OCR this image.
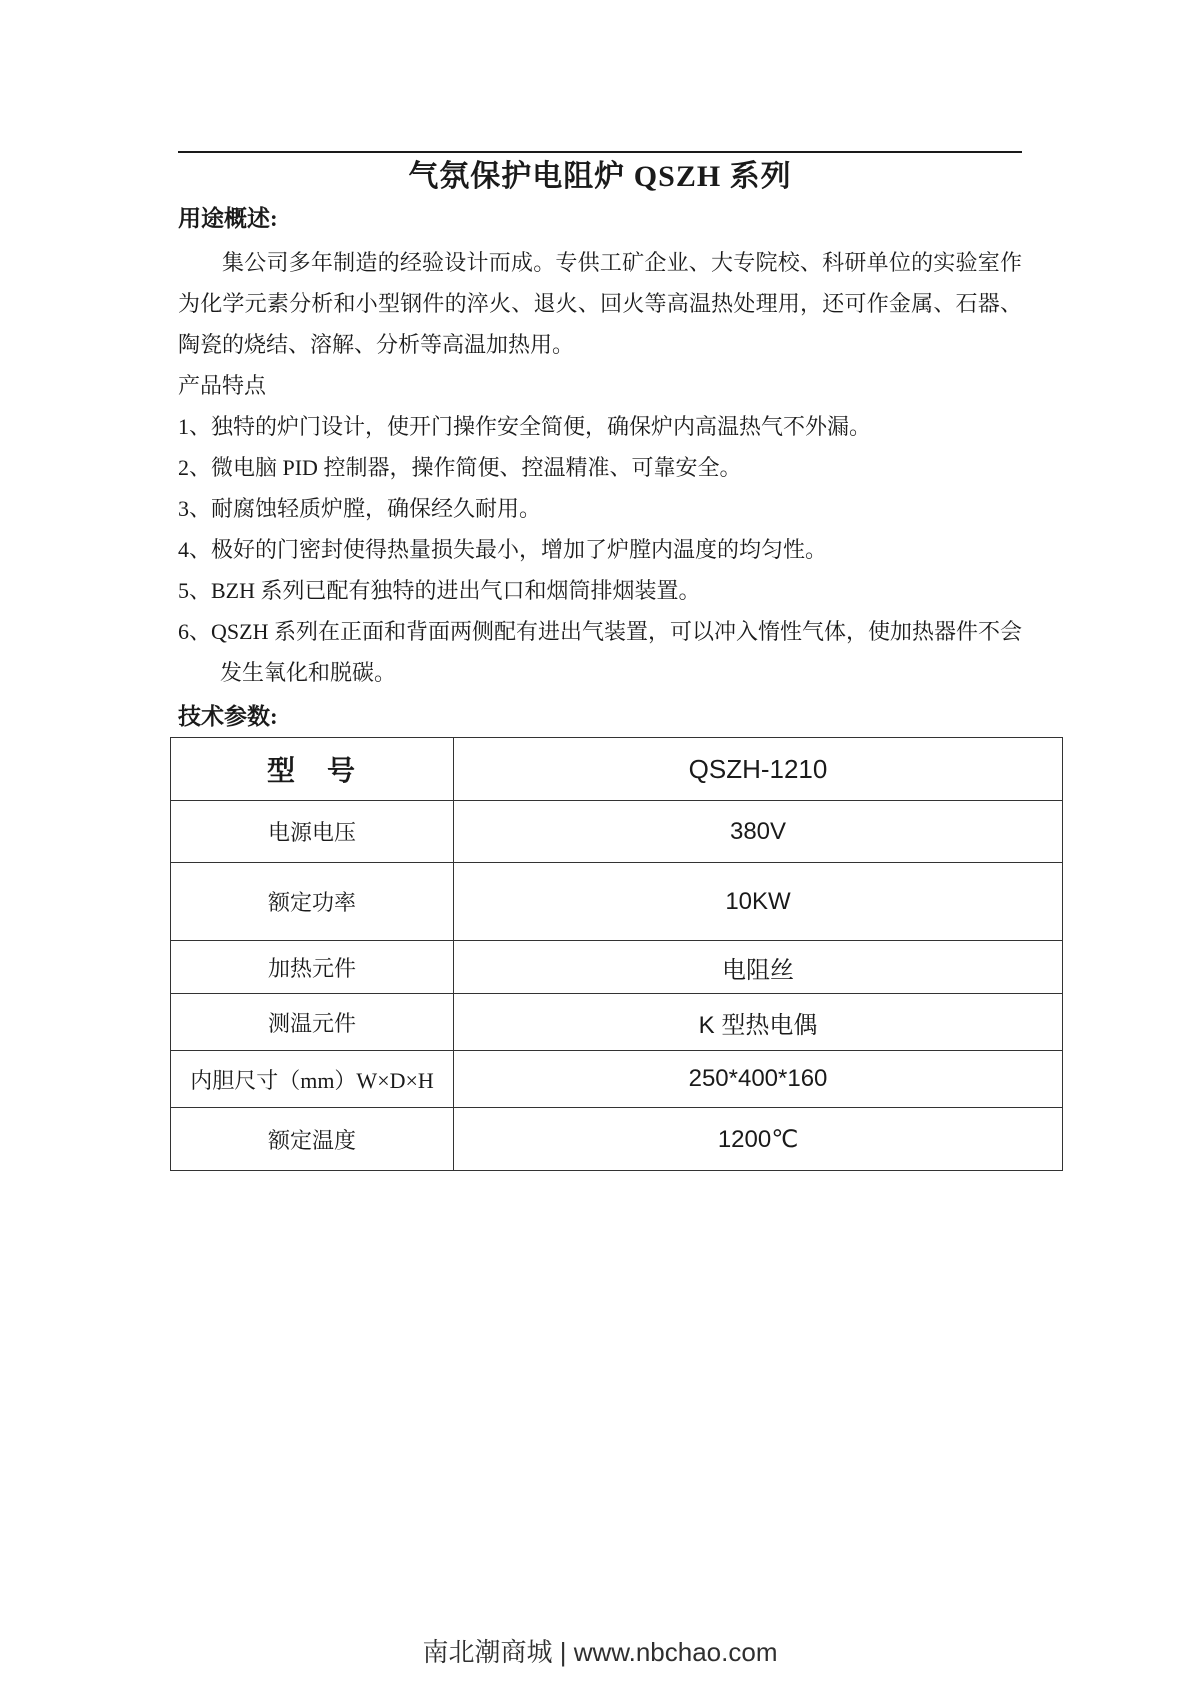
气氛保护电阻炉 QSZH 系列
用途概述:

集公司多年制造的经验设计而成。专供工矿企业、大专院校、科研单位的实验室作为化学元素分析和小型钢件的淬火、退火、回火等高温热处理用，还可作金属、石器、陶瓷的烧结、溶解、分析等高温加热用。

产品特点
1、独特的炉门设计，使开门操作安全简便，确保炉内高温热气不外漏。
2、微电脑 PID 控制器，操作简便、控温精准、可靠安全。
3、耐腐蚀轻质炉膛，确保经久耐用。
4、极好的门密封使得热量损失最小，增加了炉膛内温度的均匀性。
5、BZH 系列已配有独特的进出气口和烟筒排烟装置。
6、QSZH 系列在正面和背面两侧配有进出气装置，可以冲入惰性气体，使加热器件不会发生氧化和脱碳。
技术参数:
型　号	QSZH-1210
电源电压	380V
额定功率	10KW
加热元件	电阻丝
测温元件	K 型热电偶
内胆尺寸（mm）W×D×H	250*400*160
额定温度	1200℃
南北潮商城 | www.nbchao.com
